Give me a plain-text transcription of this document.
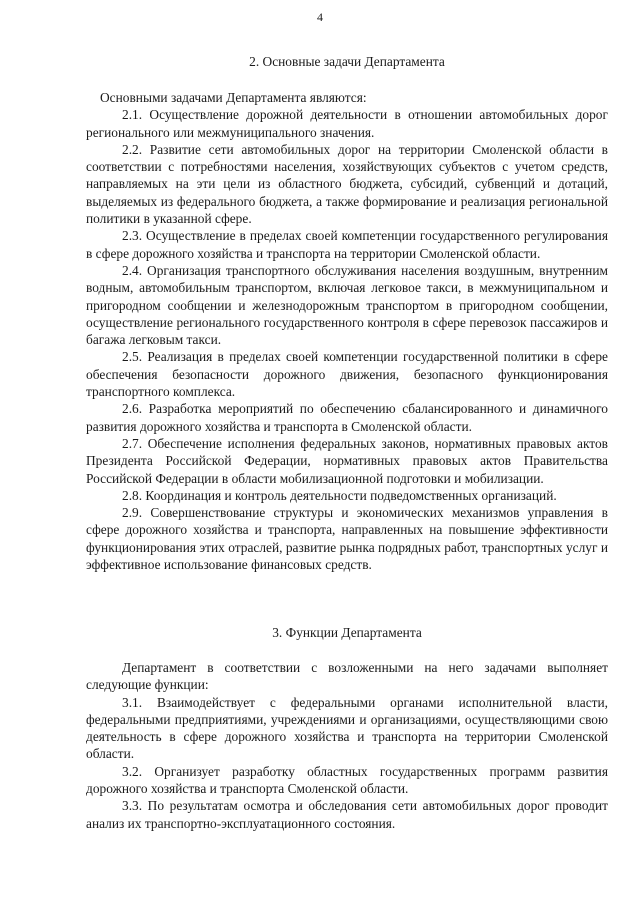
4
2. Основные задачи Департамента

Основными задачами Департамента являются:

2.1. Осуществление дорожной деятельности в отношении автомобильных дорог регионального или межмуниципального значения.

2.2. Развитие сети автомобильных дорог на территории Смоленской области в соответствии с потребностями населения, хозяйствующих субъектов с учетом средств, направляемых на эти цели из областного бюджета, субсидий, субвенций и дотаций, выделяемых из федерального бюджета, а также формирование и реализация региональной политики в указанной сфере.

2.3. Осуществление в пределах своей компетенции государственного регулирования в сфере дорожного хозяйства и транспорта на территории Смоленской области.

2.4. Организация транспортного обслуживания населения воздушным, внутренним водным, автомобильным транспортом, включая легковое такси, в межмуниципальном и пригородном сообщении и железнодорожным транспортом в пригородном сообщении, осуществление регионального государственного контроля в сфере перевозок пассажиров и багажа легковым такси.

2.5. Реализация в пределах своей компетенции государственной политики в сфере обеспечения безопасности дорожного движения, безопасного функционирования транспортного комплекса.

2.6. Разработка мероприятий по обеспечению сбалансированного и динамичного развития дорожного хозяйства и транспорта в Смоленской области.

2.7. Обеспечение исполнения федеральных законов, нормативных правовых актов Президента Российской Федерации, нормативных правовых актов Правительства Российской Федерации в области мобилизационной подготовки и мобилизации.

2.8. Координация и контроль деятельности подведомственных организаций.

2.9. Совершенствование структуры и экономических механизмов управления в сфере дорожного хозяйства и транспорта, направленных на повышение эффективности функционирования этих отраслей, развитие рынка подрядных работ, транспортных услуг и эффективное использование финансовых средств.

3. Функции Департамента

Департамент в соответствии с возложенными на него задачами выполняет следующие функции:

3.1. Взаимодействует с федеральными органами исполнительной власти, федеральными предприятиями, учреждениями и организациями, осуществляющими свою деятельность в сфере дорожного хозяйства и транспорта на территории Смоленской области.

3.2. Организует разработку областных государственных программ развития дорожного хозяйства и транспорта Смоленской области.

3.3. По результатам осмотра и обследования сети автомобильных дорог проводит анализ их транспортно-эксплуатационного состояния.
